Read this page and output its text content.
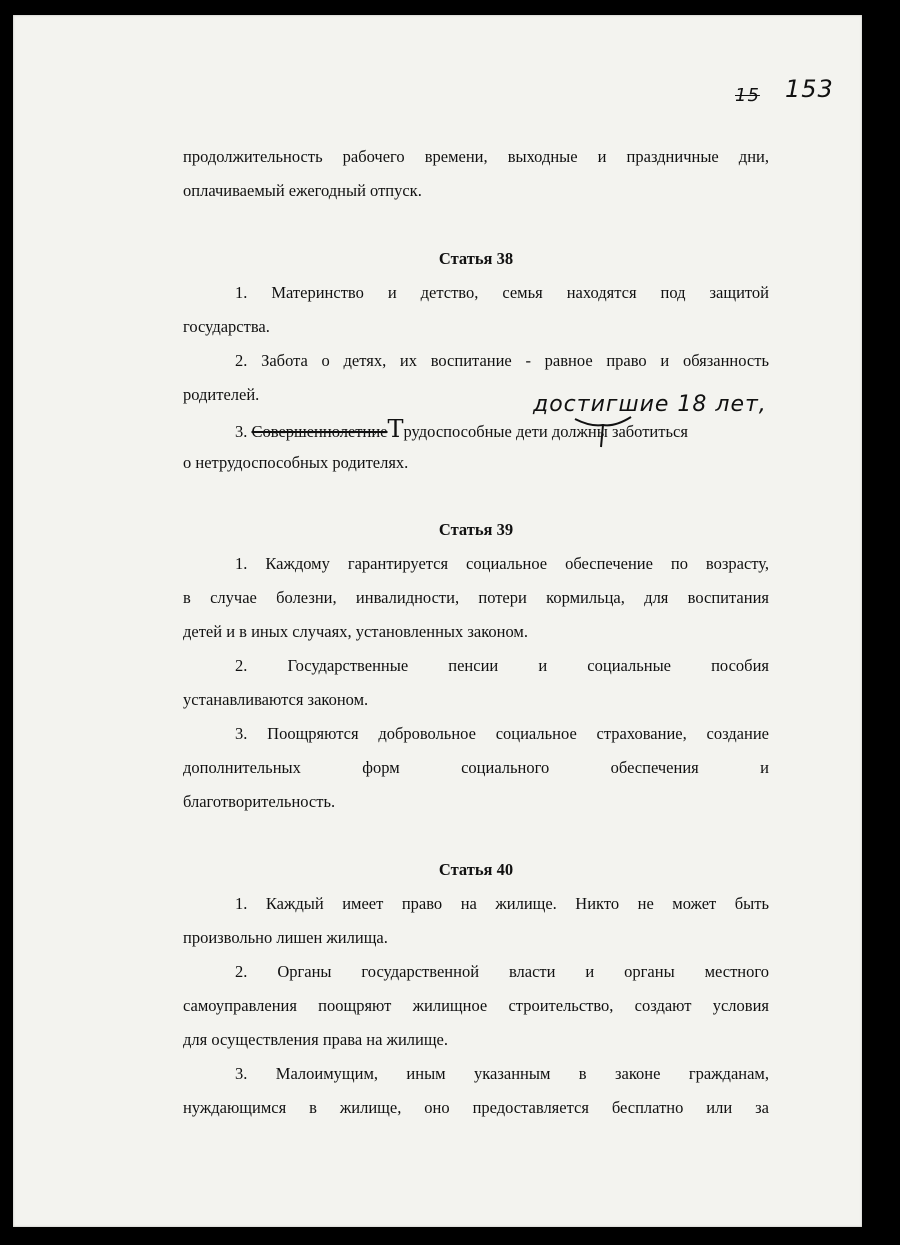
15 153
продолжительность рабочего времени, выходные и праздничные дни,
оплачиваемый ежегодный отпуск.
Статья 38
1. Материнство и детство, семья находятся под защитой
государства.
2. Забота о детях, их воспитание - равное право и обязанность
родителей.
3. СовершеннолетниеТрудоспособные дети должны заботиться
о нетрудоспособных родителях.
Статья 39
1. Каждому гарантируется социальное обеспечение по возрасту,
в случае болезни, инвалидности, потери кормильца, для воспитания
детей и в иных случаях, установленных законом.
2. Государственные пенсии и социальные пособия
устанавливаются законом.
3. Поощряются добровольное социальное страхование, создание
дополнительных форм социального обеспечения и
благотворительность.
Статья 40
1. Каждый имеет право на жилище. Никто не может быть
произвольно лишен жилища.
2. Органы государственной власти и органы местного
самоуправления поощряют жилищное строительство, создают условия
для осуществления права на жилище.
3. Малоимущим, иным указанным в законе гражданам,
нуждающимся в жилище, оно предоставляется бесплатно или за
достигшие 18 лет,
